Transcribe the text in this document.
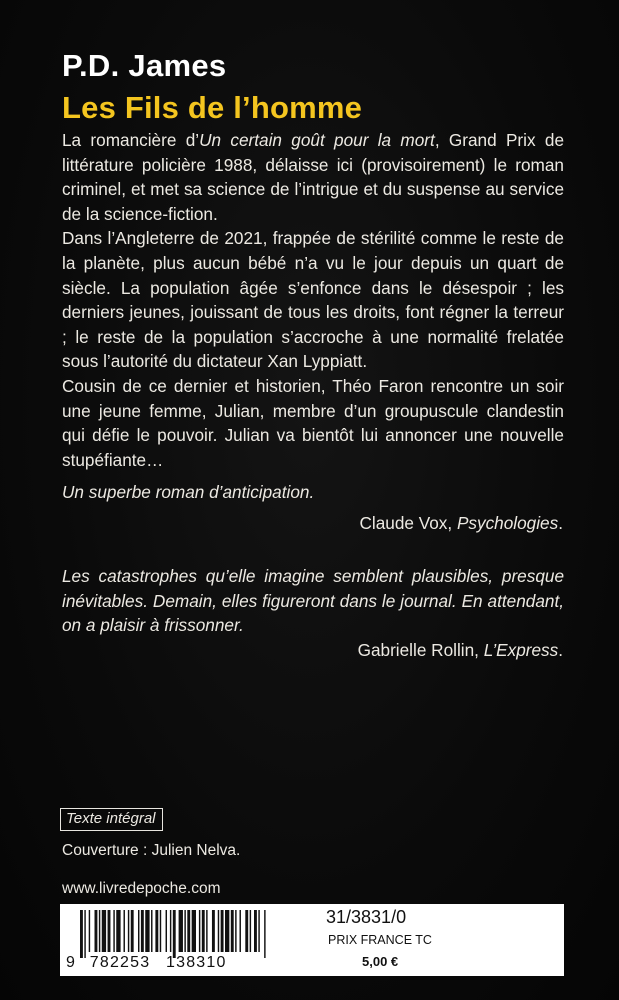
P.D. James
Les Fils de l’homme

La romancière d’Un certain goût pour la mort, Grand Prix de littérature policière 1988, délaisse ici (provisoirement) le roman criminel, et met sa science de l’intrigue et du suspense au service de la science-fiction.

Dans l’Angleterre de 2021, frappée de stérilité comme le reste de la planète, plus aucun bébé n’a vu le jour depuis un quart de siècle. La population âgée s’enfonce dans le désespoir ; les derniers jeunes, jouissant de tous les droits, font régner la terreur ; le reste de la population s’accroche à une normalité frelatée sous l’autorité du dictateur Xan Lyppiatt.

Cousin de ce dernier et historien, Théo Faron rencontre un soir une jeune femme, Julian, membre d’un groupuscule clandestin qui défie le pouvoir. Julian va bientôt lui annoncer une nouvelle stupéfiante…

Un superbe roman d’anticipation.
Claude Vox, Psychologies.
Les catastrophes qu’elle imagine semblent plausibles, presque inévitables. Demain, elles figureront dans le journal. En attendant, on a plaisir à frissonner.
Gabrielle Rollin, L’Express.
Texte intégral
Couverture : Julien Nelva.
www.livredepoche.com
9 782253 138310
31/3831/0
PRIX FRANCE TC
5,00 €
